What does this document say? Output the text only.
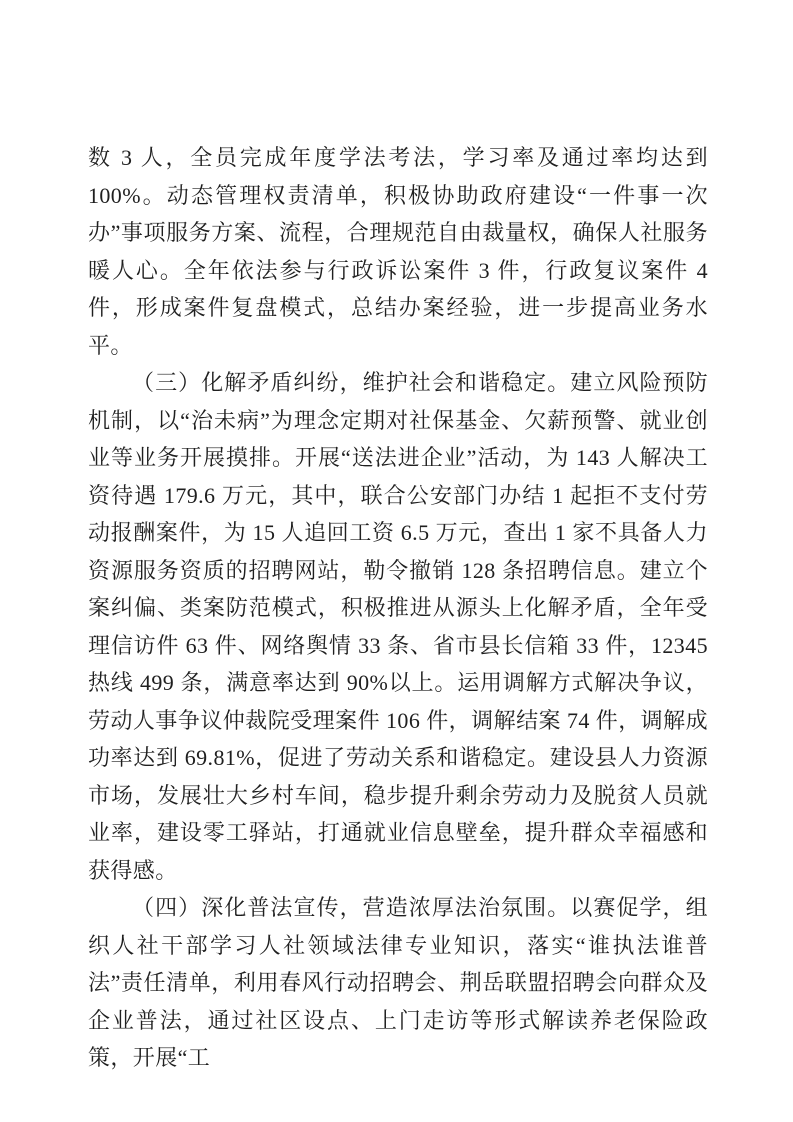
数 3 人，全员完成年度学法考法，学习率及通过率均达到 100%。动态管理权责清单，积极协助政府建设“一件事一次办”事项服务方案、流程，合理规范自由裁量权，确保人社服务暖人心。全年依法参与行政诉讼案件 3 件，行政复议案件 4 件，形成案件复盘模式，总结办案经验，进一步提高业务水平。

（三）化解矛盾纠纷，维护社会和谐稳定。建立风险预防机制，以“治未病”为理念定期对社保基金、欠薪预警、就业创业等业务开展摸排。开展“送法进企业”活动，为 143 人解决工资待遇 179.6 万元，其中，联合公安部门办结 1 起拒不支付劳动报酬案件，为 15 人追回工资 6.5 万元，查出 1 家不具备人力资源服务资质的招聘网站，勒令撤销 128 条招聘信息。建立个案纠偏、类案防范模式，积极推进从源头上化解矛盾，全年受理信访件 63 件、网络舆情 33 条、省市县长信箱 33 件，12345 热线 499 条，满意率达到 90%以上。运用调解方式解决争议，劳动人事争议仲裁院受理案件 106 件，调解结案 74 件，调解成功率达到 69.81%，促进了劳动关系和谐稳定。建设县人力资源市场，发展壮大乡村车间，稳步提升剩余劳动力及脱贫人员就业率，建设零工驿站，打通就业信息壁垒，提升群众幸福感和获得感。

（四）深化普法宣传，营造浓厚法治氛围。以赛促学，组织人社干部学习人社领域法律专业知识，落实“谁执法谁普法”责任清单，利用春风行动招聘会、荆岳联盟招聘会向群众及企业普法，通过社区设点、上门走访等形式解读养老保险政策，开展“工
